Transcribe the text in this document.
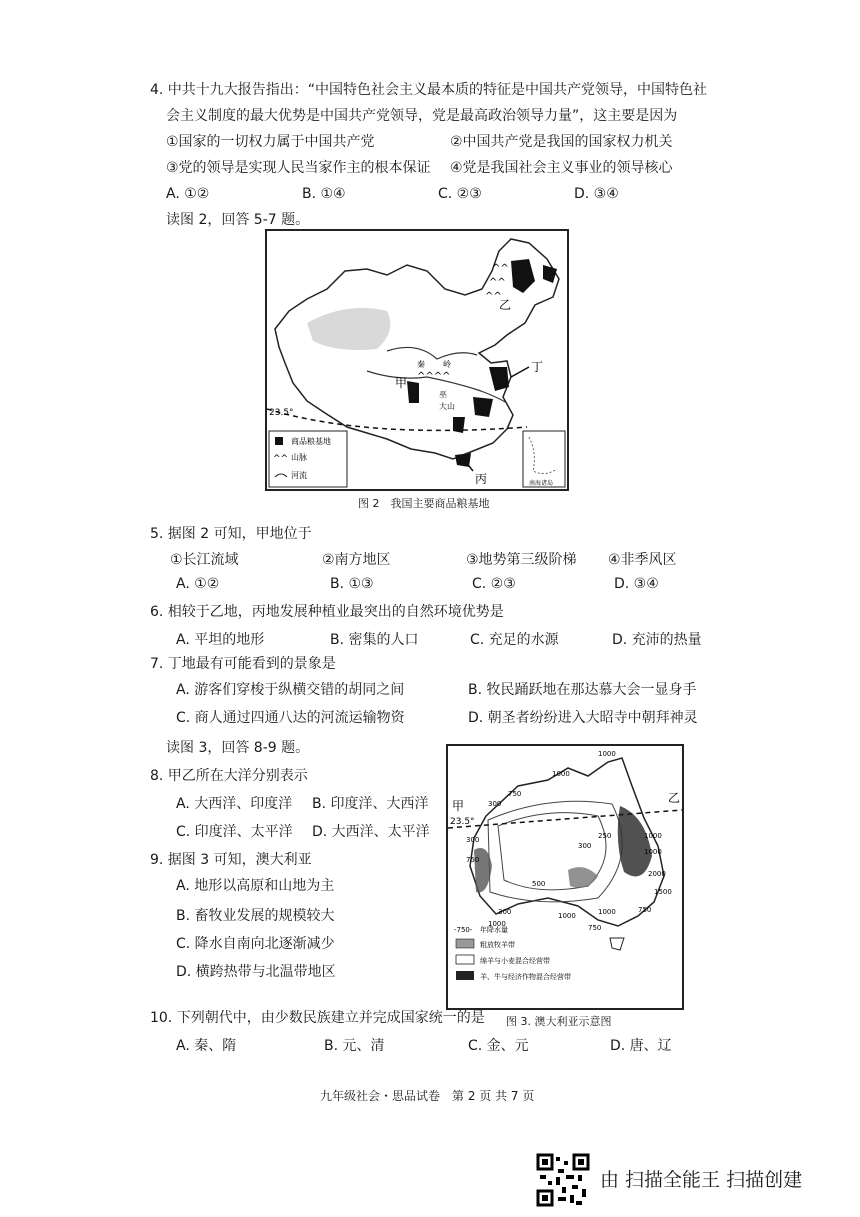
4. 中共十九大报告指出：“中国特色社会主义最本质的特征是中国共产党领导，中国特色社
会主义制度的最大优势是中国共产党领导，党是最高政治领导力量”，这主要是因为
①国家的一切权力属于中国共产党	②中国共产党是我国的国家权力机关
③党的领导是实现人民当家作主的根本保证 ④党是我国社会主义事业的领导核心
A. ①②	B. ①④	C. ②③	D. ③④
读图 2，回答 5-7 题。
^^
^^
^^
^^^^
23.5°
乙
丁
丙
甲
秦 岭
巫
山
大
商品粮基地
^^ 山脉
河流
南海诸岛
图 2　我国主要商品粮基地
5. 据图 2 可知，甲地位于
①长江流域	②南方地区	③地势第三级阶梯 ④非季风区
A. ①②	B. ①③	C. ②③	D. ③④
6. 相较于乙地，丙地发展种植业最突出的自然环境优势是
A. 平坦的地形	B. 密集的人口	C. 充足的水源	D. 充沛的热量
7. 丁地最有可能看到的景象是
A. 游客们穿梭于纵横交错的胡同之间	B. 牧民踊跃地在那达慕大会一显身手
C. 商人通过四通八达的河流运输物资	D. 朝圣者纷纷进入大昭寺中朝拜神灵
读图 3，回答 8-9 题。
8. 甲乙所在大洋分别表示
A. 大西洋、印度洋 B. 印度洋、大西洋
C. 印度洋、太平洋 D. 大西洋、太平洋
9. 据图 3 可知，澳大利亚
A. 地形以高原和山地为主
B. 畜牧业发展的规模较大
C. 降水自南向北逐渐减少
D. 横跨热带与北温带地区
23.5°
甲
乙
300
1000
750
1000
300
750
300
500
300
1000
1000
750
250
1000
2000
1500
750
1000
1000
-750- 年降水量
粗放牧羊带
绵羊与小麦混合经营带
羊、牛与经济作物混合经营带
图 3. 澳大利亚示意图
10. 下列朝代中，由少数民族建立并完成国家统一的是
A. 秦、隋	B. 元、清	C. 金、元	D. 唐、辽
九年级社会・思品试卷　第 2 页 共 7 页
由 扫描全能王 扫描创建
